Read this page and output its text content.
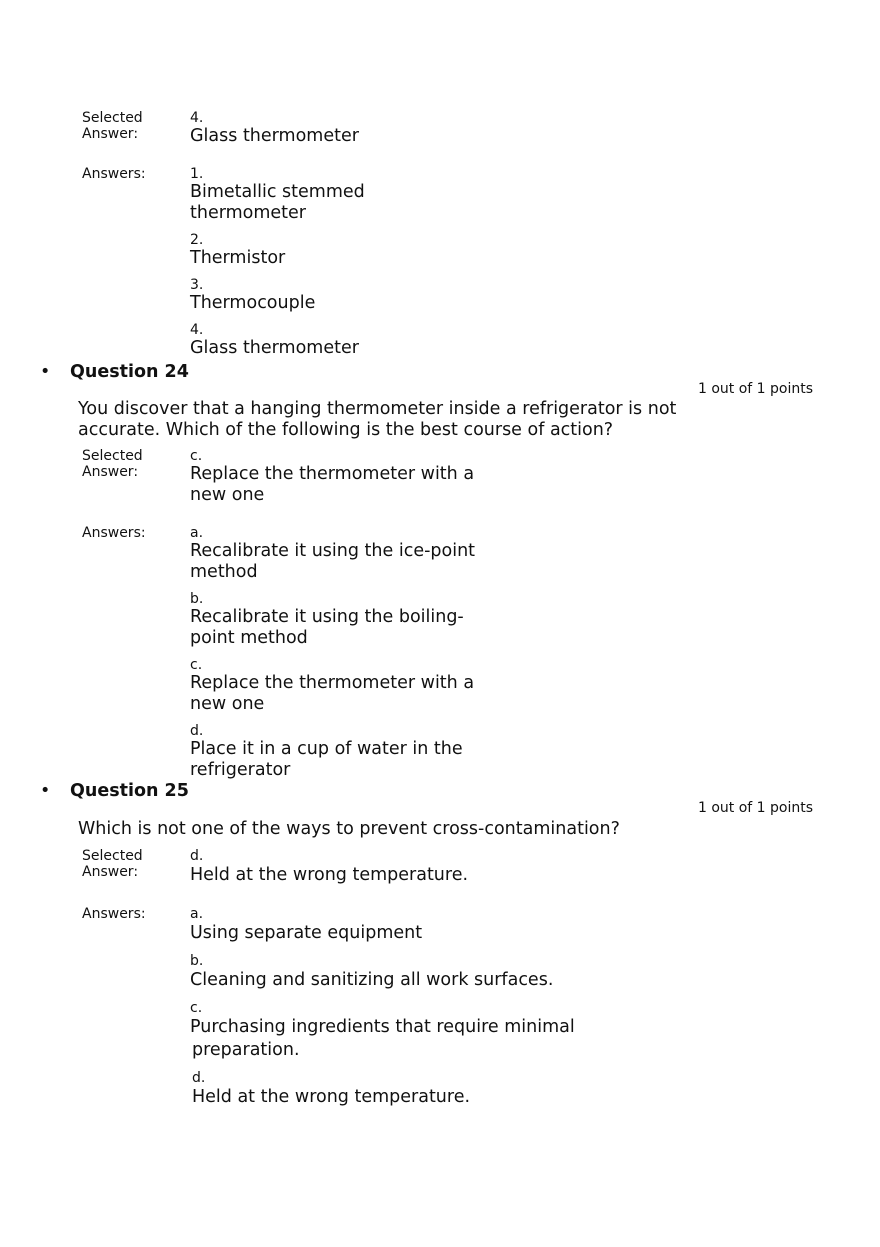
Selected
Answer:
4.
Glass thermometer
Answers:	1.
Bimetallic stemmed
thermometer
2.
Thermistor
3.
Thermocouple
4.
Glass thermometer
• Question 24
1 out of 1 points
You discover that a hanging thermometer inside a refrigerator is not
accurate. Which of the following is the best course of action?
Selected
Answer:
c.
Replace the thermometer with a
new one
Answers:	a.
Recalibrate it using the ice-point
method
b.
Recalibrate it using the boiling-
point method
c.
Replace the thermometer with a
new one
d.
Place it in a cup of water in the
refrigerator
• Question 25
1 out of 1 points
Which is not one of the ways to prevent cross-contamination?
Selected
Answer:
d.
Held at the wrong temperature.
Answers:	a.
Using separate equipment
b.
Cleaning and sanitizing all work surfaces.
c.
Purchasing ingredients that require minimal
preparation.
d.
Held at the wrong temperature.
